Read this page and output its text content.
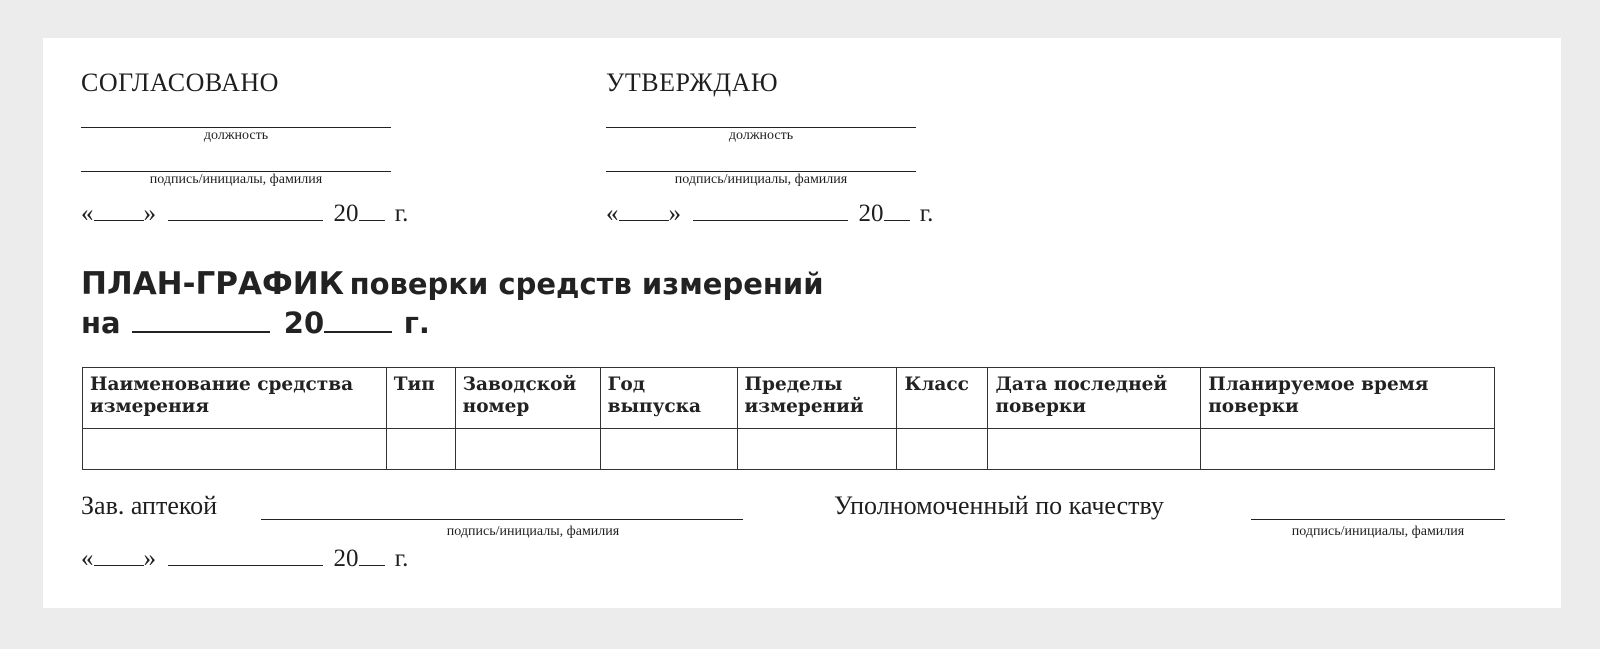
СОГЛАСОВАНО
должность
подпись/инициалы, фамилия
« »	20 г.
УТВЕРЖДАЮ
должность
подпись/инициалы, фамилия
« »	20 г.
ПЛАН-ГРАФИК поверки средств измерений
на	20	г.
Наименование средства измерения	Тип	Заводской номер	Год выпуска	Пределы измерений	Класс	Дата последней поверки	Планируемое время поверки

Зав. аптекой
подпись/инициалы, фамилия
« »	20 г.
Уполномоченный по качеству
подпись/инициалы, фамилия
